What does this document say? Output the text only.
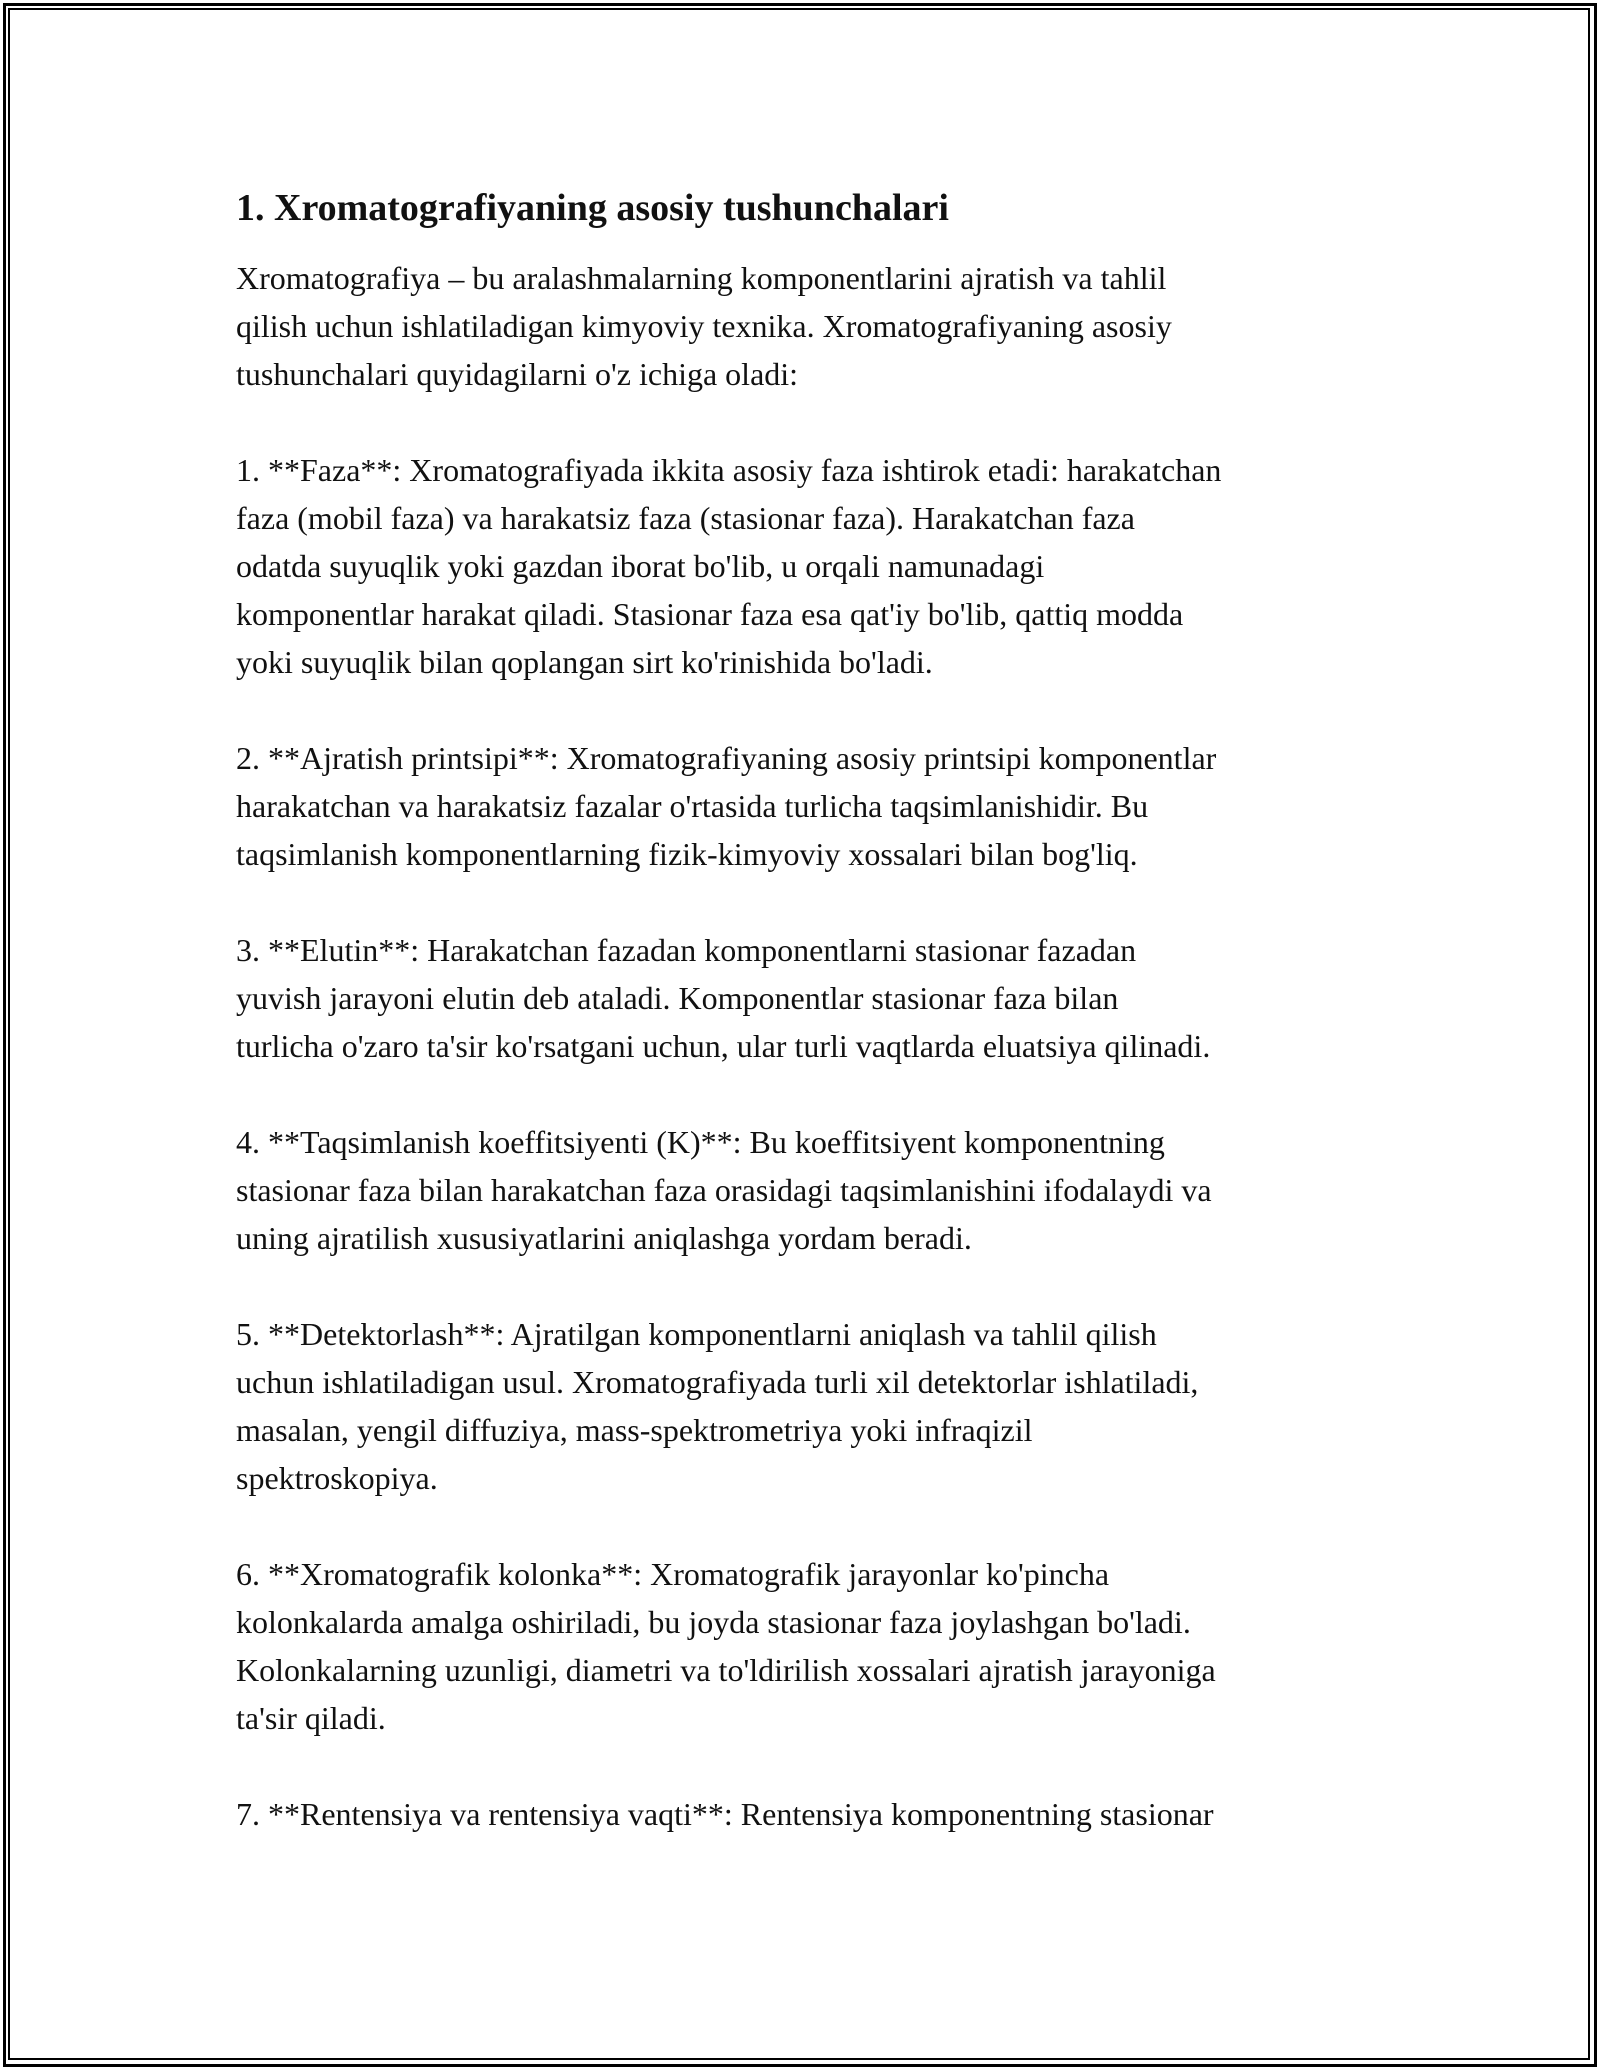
1. Xromatografiyaning asosiy tushunchalari

Xromatografiya – bu aralashmalarning komponentlarini ajratish va tahlil
qilish uchun ishlatiladigan kimyoviy texnika. Xromatografiyaning asosiy
tushunchalari quyidagilarni o'z ichiga oladi:

1. **Faza**: Xromatografiyada ikkita asosiy faza ishtirok etadi: harakatchan
faza (mobil faza) va harakatsiz faza (stasionar faza). Harakatchan faza
odatda suyuqlik yoki gazdan iborat bo'lib, u orqali namunadagi
komponentlar harakat qiladi. Stasionar faza esa qat'iy bo'lib, qattiq modda
yoki suyuqlik bilan qoplangan sirt ko'rinishida bo'ladi.

2. **Ajratish printsipi**: Xromatografiyaning asosiy printsipi komponentlar
harakatchan va harakatsiz fazalar o'rtasida turlicha taqsimlanishidir. Bu
taqsimlanish komponentlarning fizik-kimyoviy xossalari bilan bog'liq.

3. **Elutin**: Harakatchan fazadan komponentlarni stasionar fazadan
yuvish jarayoni elutin deb ataladi. Komponentlar stasionar faza bilan
turlicha o'zaro ta'sir ko'rsatgani uchun, ular turli vaqtlarda eluatsiya qilinadi.

4. **Taqsimlanish koeffitsiyenti (K)**: Bu koeffitsiyent komponentning
stasionar faza bilan harakatchan faza orasidagi taqsimlanishini ifodalaydi va
uning ajratilish xususiyatlarini aniqlashga yordam beradi.

5. **Detektorlash**: Ajratilgan komponentlarni aniqlash va tahlil qilish
uchun ishlatiladigan usul. Xromatografiyada turli xil detektorlar ishlatiladi,
masalan, yengil diffuziya, mass-spektrometriya yoki infraqizil
spektroskopiya.

6. **Xromatografik kolonka**: Xromatografik jarayonlar ko'pincha
kolonkalarda amalga oshiriladi, bu joyda stasionar faza joylashgan bo'ladi.
Kolonkalarning uzunligi, diametri va to'ldirilish xossalari ajratish jarayoniga
ta'sir qiladi.

7. **Rentensiya va rentensiya vaqti**: Rentensiya komponentning stasionar
